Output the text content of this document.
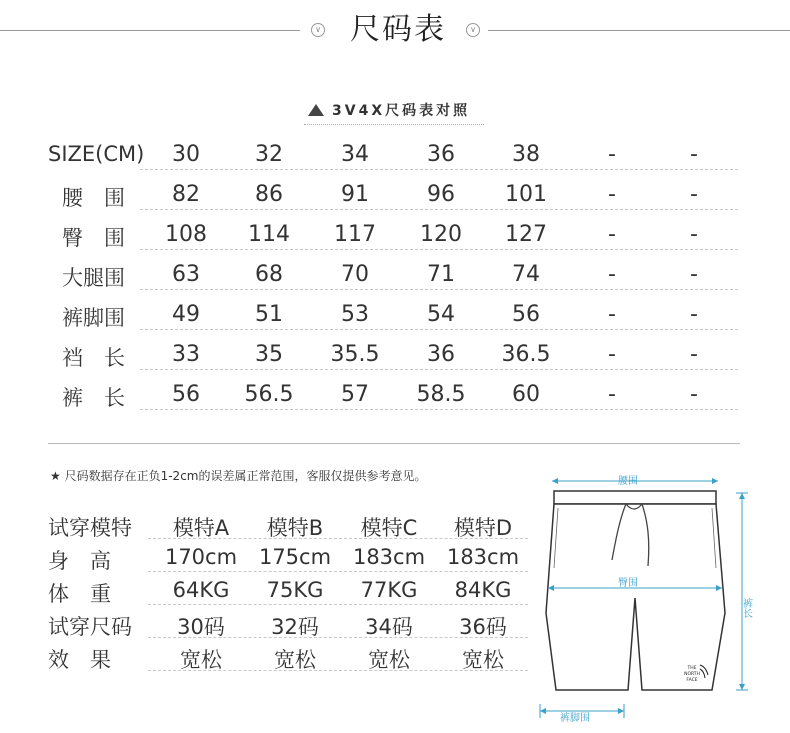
∨ 尺码表	∨
3V4X尺码表对照
SIZE(CM)	30	32	34	36	38	-	-
腰　围	82	86	91	96	101	-	-
臀　围	108	114	117	120	127	-	-
大腿围	63	68	70	71	74	-	-
裤脚围	49	51	53	54	56	-	-
裆　长	33	35	35.5	36	36.5	-	-
裤　长	56	56.5	57	58.5	60	-	-
★ 尺码数据存在正负1-2cm的误差属正常范围，客服仅提供参考意见。
试穿模特	模特A	模特B	模特C	模特D
身　高	170cm	175cm	183cm	183cm
体　重	64KG	75KG	77KG	84KG
试穿尺码	30码	32码	34码	36码
效　果	宽松	宽松	宽松	宽松
腰围
臀围
裤长
裤脚围
THE
NORTH
FACE
